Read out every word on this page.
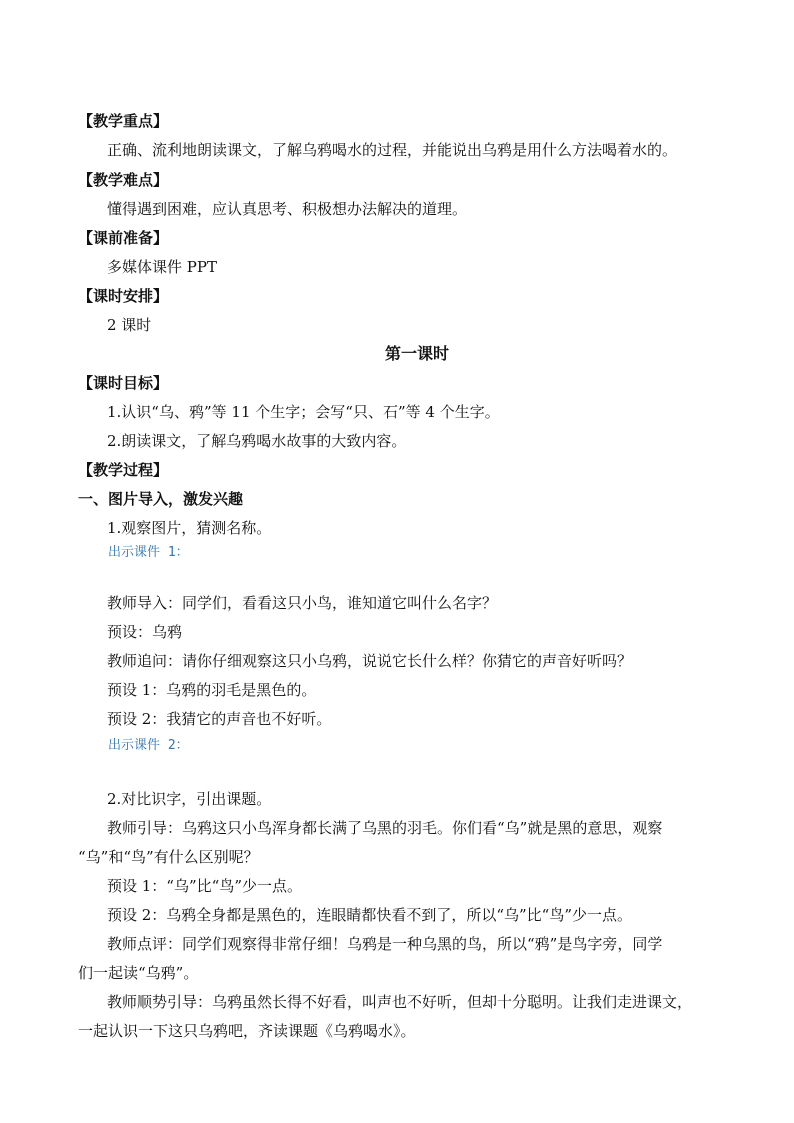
【教学重点】
正确、流利地朗读课文，了解乌鸦喝水的过程，并能说出乌鸦是用什么方法喝着水的。
【教学难点】
懂得遇到困难，应认真思考、积极想办法解决的道理。
【课前准备】
多媒体课件 PPT
【课时安排】
2 课时
第一课时
【课时目标】
1.认识“乌、鸦”等 11 个生字；会写“只、石”等 4 个生字。
2.朗读课文，了解乌鸦喝水故事的大致内容。
【教学过程】
一、图片导入，激发兴趣
1.观察图片，猜测名称。
出示课件 1：
教师导入：同学们，看看这只小鸟，谁知道它叫什么名字？
预设：乌鸦
教师追问：请你仔细观察这只小乌鸦，说说它长什么样？你猜它的声音好听吗？
预设 1：乌鸦的羽毛是黑色的。
预设 2：我猜它的声音也不好听。
出示课件 2：
2.对比识字，引出课题。
教师引导：乌鸦这只小鸟浑身都长满了乌黑的羽毛。你们看“乌”就是黑的意思，观察
“乌”和“鸟”有什么区别呢？
预设 1：“乌”比“鸟”少一点。
预设 2：乌鸦全身都是黑色的，连眼睛都快看不到了，所以“乌”比“鸟”少一点。
教师点评：同学们观察得非常仔细！乌鸦是一种乌黑的鸟，所以“鸦”是鸟字旁，同学
们一起读“乌鸦”。
教师顺势引导：乌鸦虽然长得不好看，叫声也不好听，但却十分聪明。让我们走进课文，
一起认识一下这只乌鸦吧，齐读课题《乌鸦喝水》。
